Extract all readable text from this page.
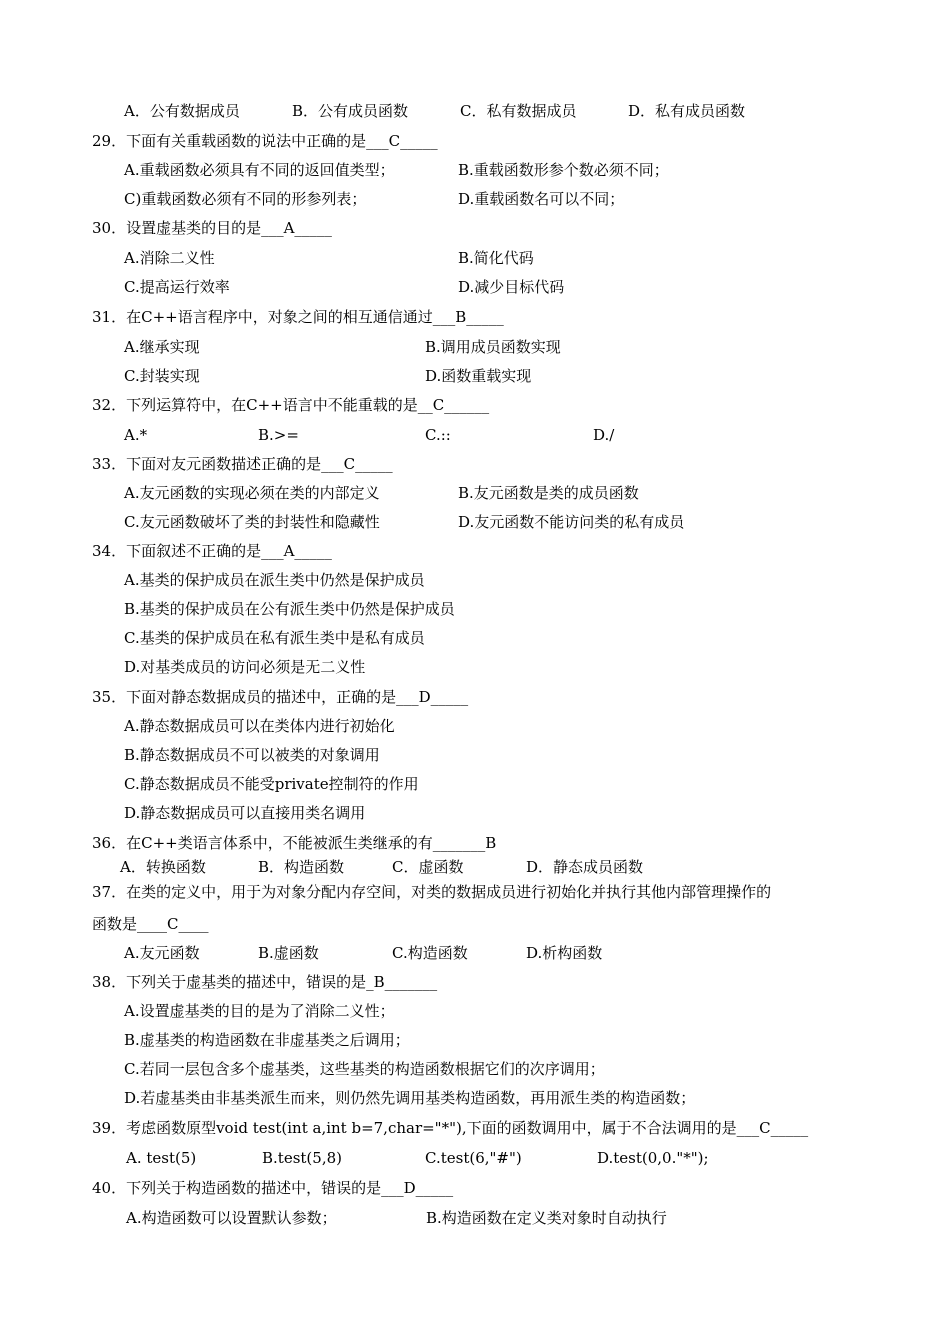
A．公有数据成员	B．公有成员函数	C．私有数据成员	D．私有成员函数
29．下面有关重载函数的说法中正确的是___C_____
A.重载函数必须具有不同的返回值类型；	B.重载函数形参个数必须不同；
C)重载函数必须有不同的形参列表；	D.重载函数名可以不同；
30．设置虚基类的目的是___A_____
A.消除二义性	B.简化代码
C.提高运行效率	D.减少目标代码
31．在C++语言程序中，对象之间的相互通信通过___B_____
A.继承实现	B.调用成员函数实现
C.封装实现	D.函数重载实现
32．下列运算符中，在C++语言中不能重载的是__C______
A.*	B.>=	C.::	D./
33．下面对友元函数描述正确的是___C_____
A.友元函数的实现必须在类的内部定义	B.友元函数是类的成员函数
C.友元函数破坏了类的封装性和隐藏性	D.友元函数不能访问类的私有成员
34．下面叙述不正确的是___A_____
A.基类的保护成员在派生类中仍然是保护成员
B.基类的保护成员在公有派生类中仍然是保护成员
C.基类的保护成员在私有派生类中是私有成员
D.对基类成员的访问必须是无二义性
35．下面对静态数据成员的描述中，正确的是___D_____
A.静态数据成员可以在类体内进行初始化
B.静态数据成员不可以被类的对象调用
C.静态数据成员不能受private控制符的作用
D.静态数据成员可以直接用类名调用
36．在C++类语言体系中，不能被派生类继承的有_______B
A．转换函数	B．构造函数	C．虚函数	D．静态成员函数
37．在类的定义中，用于为对象分配内存空间，对类的数据成员进行初始化并执行其他内部管理操作的
函数是____C____
A.友元函数	B.虚函数	C.构造函数	D.析构函数
38．下列关于虚基类的描述中，错误的是_B_______
A.设置虚基类的目的是为了消除二义性；
B.虚基类的构造函数在非虚基类之后调用；
C.若同一层包含多个虚基类，这些基类的构造函数根据它们的次序调用；
D.若虚基类由非基类派生而来，则仍然先调用基类构造函数，再用派生类的构造函数；
39．考虑函数原型void test(int a,int b=7,char="*"),下面的函数调用中，属于不合法调用的是___C_____
A. test(5)	B.test(5,8)	C.test(6,"#")	D.test(0,0."*");
40．下列关于构造函数的描述中，错误的是___D_____
A.构造函数可以设置默认参数；	B.构造函数在定义类对象时自动执行
